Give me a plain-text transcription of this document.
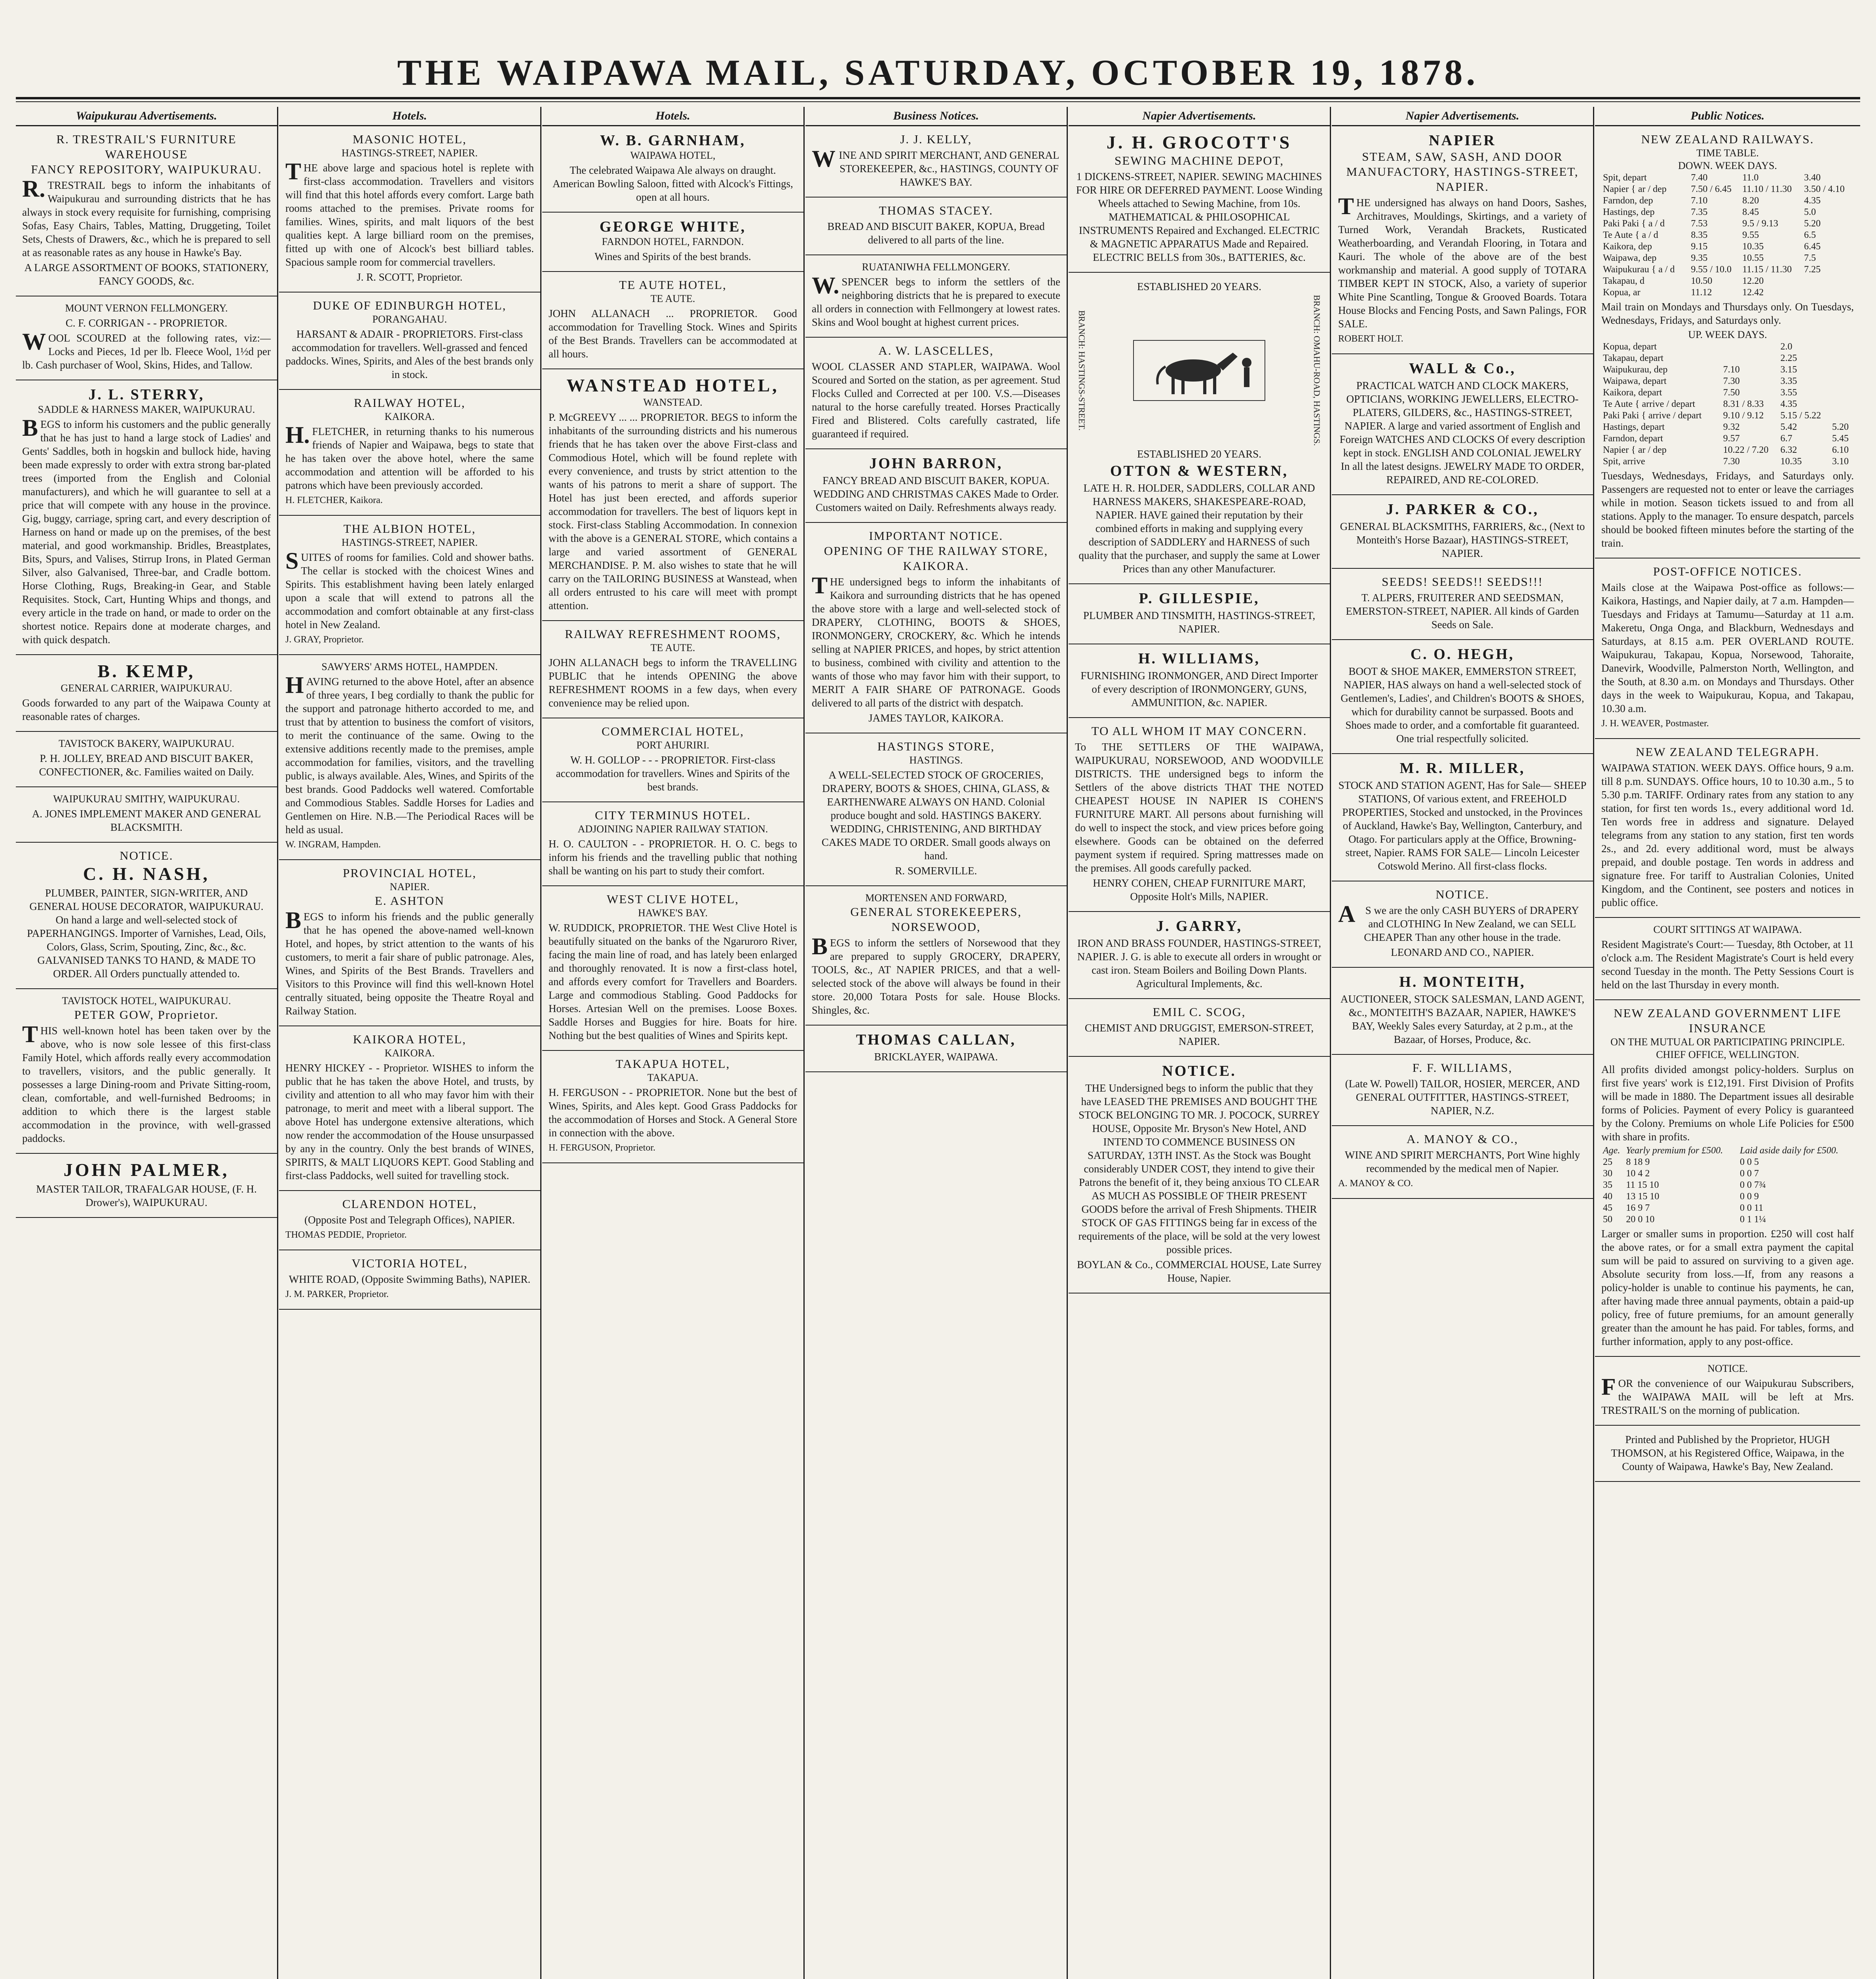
THE WAIPAWA MAIL, SATURDAY, OCTOBER 19, 1878.
Waipukurau Advertisements.
R. TRESTRAIL'S FURNITURE WAREHOUSE
FANCY REPOSITORY, WAIPUKURAU.

R.TRESTRAIL begs to inform the inhabitants of Waipukurau and surrounding districts that he has always in stock every requisite for furnishing, comprising Sofas, Easy Chairs, Tables, Matting, Druggeting, Toilet Sets, Chests of Drawers, &c., which he is prepared to sell at as reasonable rates as any house in Hawke's Bay.

A LARGE ASSORTMENT OF BOOKS, STATIONERY, FANCY GOODS, &c.

MOUNT VERNON FELLMONGERY.

C. F. CORRIGAN - - PROPRIETOR.

WOOL SCOURED at the following rates, viz:— Locks and Pieces, 1d per lb. Fleece Wool, 1½d per lb. Cash purchaser of Wool, Skins, Hides, and Tallow.

J. L. STERRY,
SADDLE & HARNESS MAKER, WAIPUKURAU.

BEGS to inform his customers and the public generally that he has just to hand a large stock of Ladies' and Gents' Saddles, both in hogskin and bullock hide, having been made expressly to order with extra strong bar-plated trees (imported from the English and Colonial manufacturers), and which he will guarantee to sell at a price that will compete with any house in the province. Gig, buggy, carriage, spring cart, and every description of Harness on hand or made up on the premises, of the best material, and good workmanship. Bridles, Breastplates, Bits, Spurs, and Valises, Stirrup Irons, in Plated German Silver, also Galvanised, Three-bar, and Cradle bottom. Horse Clothing, Rugs, Breaking-in Gear, and Stable Requisites. Stock, Cart, Hunting Whips and thongs, and every article in the trade on hand, or made to order on the shortest notice. Repairs done at moderate charges, and with quick despatch.

B. KEMP,
GENERAL CARRIER, WAIPUKURAU.

Goods forwarded to any part of the Waipawa County at reasonable rates of charges.

TAVISTOCK BAKERY, WAIPUKURAU.

P. H. JOLLEY, BREAD AND BISCUIT BAKER, CONFECTIONER, &c. Families waited on Daily.

WAIPUKURAU SMITHY, WAIPUKURAU.

A. JONES IMPLEMENT MAKER AND GENERAL BLACKSMITH.

NOTICE.
C. H. NASH,

PLUMBER, PAINTER, SIGN-WRITER, AND GENERAL HOUSE DECORATOR, WAIPUKURAU. On hand a large and well-selected stock of PAPERHANGINGS. Importer of Varnishes, Lead, Oils, Colors, Glass, Scrim, Spouting, Zinc, &c., &c. GALVANISED TANKS TO HAND, & MADE TO ORDER. All Orders punctually attended to.

TAVISTOCK HOTEL, WAIPUKURAU.
PETER GOW, Proprietor.

THIS well-known hotel has been taken over by the above, who is now sole lessee of this first-class Family Hotel, which affords really every accommodation to travellers, visitors, and the public generally. It possesses a large Dining-room and Private Sitting-room, clean, comfortable, and well-furnished Bedrooms; in addition to which there is the largest stable accommodation in the province, with well-grassed paddocks.

JOHN PALMER,

MASTER TAILOR, TRAFALGAR HOUSE, (F. H. Drower's), WAIPUKURAU.

Hotels.
MASONIC HOTEL,
HASTINGS-STREET, NAPIER.

THE above large and spacious hotel is replete with first-class accommodation. Travellers and visitors will find that this hotel affords every comfort. Large bath rooms attached to the premises. Private rooms for families. Wines, spirits, and malt liquors of the best qualities kept. A large billiard room on the premises, fitted up with one of Alcock's best billiard tables. Spacious sample room for commercial travellers.

J. R. SCOTT, Proprietor.

DUKE OF EDINBURGH HOTEL,
PORANGAHAU.

HARSANT & ADAIR - PROPRIETORS. First-class accommodation for travellers. Well-grassed and fenced paddocks. Wines, Spirits, and Ales of the best brands only in stock.

RAILWAY HOTEL,
KAIKORA.

H.FLETCHER, in returning thanks to his numerous friends of Napier and Waipawa, begs to state that he has taken over the above hotel, where the same accommodation and attention will be afforded to his patrons which have been previously accorded.

H. FLETCHER, Kaikora.

THE ALBION HOTEL,
HASTINGS-STREET, NAPIER.

SUITES of rooms for families. Cold and shower baths. The cellar is stocked with the choicest Wines and Spirits. This establishment having been lately enlarged upon a scale that will extend to patrons all the accommodation and comfort obtainable at any first-class hotel in New Zealand.

J. GRAY, Proprietor.

SAWYERS' ARMS HOTEL, HAMPDEN.

HAVING returned to the above Hotel, after an absence of three years, I beg cordially to thank the public for the support and patronage hitherto accorded to me, and trust that by attention to business the comfort of visitors, to merit the continuance of the same. Owing to the extensive additions recently made to the premises, ample accommodation for families, visitors, and the travelling public, is always available. Ales, Wines, and Spirits of the best brands. Good Paddocks well watered. Comfortable and Commodious Stables. Saddle Horses for Ladies and Gentlemen on Hire. N.B.—The Periodical Races will be held as usual.

W. INGRAM, Hampden.

PROVINCIAL HOTEL,
NAPIER.
E. ASHTON

BEGS to inform his friends and the public generally that he has opened the above-named well-known Hotel, and hopes, by strict attention to the wants of his customers, to merit a fair share of public patronage. Ales, Wines, and Spirits of the Best Brands. Travellers and Visitors to this Province will find this well-known Hotel centrally situated, being opposite the Theatre Royal and Railway Station.

KAIKORA HOTEL,
KAIKORA.

HENRY HICKEY - - Proprietor. WISHES to inform the public that he has taken the above Hotel, and trusts, by civility and attention to all who may favor him with their patronage, to merit and meet with a liberal support. The above Hotel has undergone extensive alterations, which now render the accommodation of the House unsurpassed by any in the country. Only the best brands of WINES, SPIRITS, & MALT LIQUORS KEPT. Good Stabling and first-class Paddocks, well suited for travelling stock.

CLARENDON HOTEL,

(Opposite Post and Telegraph Offices), NAPIER.

THOMAS PEDDIE, Proprietor.

VICTORIA HOTEL,

WHITE ROAD, (Opposite Swimming Baths), NAPIER.

J. M. PARKER, Proprietor.

Hotels.
W. B. GARNHAM,
WAIPAWA HOTEL,

The celebrated Waipawa Ale always on draught. American Bowling Saloon, fitted with Alcock's Fittings, open at all hours.

GEORGE WHITE,
FARNDON HOTEL, FARNDON.

Wines and Spirits of the best brands.

TE AUTE HOTEL,
TE AUTE.

JOHN ALLANACH ... PROPRIETOR. Good accommodation for Travelling Stock. Wines and Spirits of the Best Brands. Travellers can be accommodated at all hours.

WANSTEAD HOTEL,
WANSTEAD.

P. McGREEVY ... ... PROPRIETOR. BEGS to inform the inhabitants of the surrounding districts and his numerous friends that he has taken over the above First-class and Commodious Hotel, which will be found replete with every convenience, and trusts by strict attention to the wants of his patrons to merit a share of support. The Hotel has just been erected, and affords superior accommodation for travellers. The best of liquors kept in stock. First-class Stabling Accommodation. In connexion with the above is a GENERAL STORE, which contains a large and varied assortment of GENERAL MERCHANDISE. P. M. also wishes to state that he will carry on the TAILORING BUSINESS at Wanstead, when all orders entrusted to his care will meet with prompt attention.

RAILWAY REFRESHMENT ROOMS,
TE AUTE.

JOHN ALLANACH begs to inform the TRAVELLING PUBLIC that he intends OPENING the above REFRESHMENT ROOMS in a few days, when every convenience may be relied upon.

COMMERCIAL HOTEL,
PORT AHURIRI.

W. H. GOLLOP - - - PROPRIETOR. First-class accommodation for travellers. Wines and Spirits of the best brands.

CITY TERMINUS HOTEL.
ADJOINING NAPIER RAILWAY STATION.

H. O. CAULTON - - PROPRIETOR. H. O. C. begs to inform his friends and the travelling public that nothing shall be wanting on his part to study their comfort.

WEST CLIVE HOTEL,
HAWKE'S BAY.

W. RUDDICK, PROPRIETOR. THE West Clive Hotel is beautifully situated on the banks of the Ngaruroro River, facing the main line of road, and has lately been enlarged and thoroughly renovated. It is now a first-class hotel, and affords every comfort for Travellers and Boarders. Large and commodious Stabling. Good Paddocks for Horses. Artesian Well on the premises. Loose Boxes. Saddle Horses and Buggies for hire. Boats for hire. Nothing but the best qualities of Wines and Spirits kept.

TAKAPUA HOTEL,
TAKAPUA.

H. FERGUSON - - PROPRIETOR. None but the best of Wines, Spirits, and Ales kept. Good Grass Paddocks for the accommodation of Horses and Stock. A General Store in connection with the above.

H. FERGUSON, Proprietor.

Business Notices.
J. J. KELLY,

WINE AND SPIRIT MERCHANT, AND GENERAL STOREKEEPER, &c., HASTINGS, COUNTY OF HAWKE'S BAY.

THOMAS STACEY.

BREAD AND BISCUIT BAKER, KOPUA, Bread delivered to all parts of the line.

RUATANIWHA FELLMONGERY.

W.SPENCER begs to inform the settlers of the neighboring districts that he is prepared to execute all orders in connection with Fellmongery at lowest rates. Skins and Wool bought at highest current prices.

A. W. LASCELLES,

WOOL CLASSER AND STAPLER, WAIPAWA. Wool Scoured and Sorted on the station, as per agreement. Stud Flocks Culled and Corrected at per 100. V.S.—Diseases natural to the horse carefully treated. Horses Practically Fired and Blistered. Colts carefully castrated, life guaranteed if required.

JOHN BARRON,

FANCY BREAD AND BISCUIT BAKER, KOPUA. WEDDING AND CHRISTMAS CAKES Made to Order. Customers waited on Daily. Refreshments always ready.

IMPORTANT NOTICE.
OPENING OF THE RAILWAY STORE, KAIKORA.

THE undersigned begs to inform the inhabitants of Kaikora and surrounding districts that he has opened the above store with a large and well-selected stock of DRAPERY, CLOTHING, BOOTS & SHOES, IRONMONGERY, CROCKERY, &c. Which he intends selling at NAPIER PRICES, and hopes, by strict attention to business, combined with civility and attention to the wants of those who may favor him with their support, to MERIT A FAIR SHARE OF PATRONAGE. Goods delivered to all parts of the district with despatch.

JAMES TAYLOR, KAIKORA.

HASTINGS STORE,
HASTINGS.

A WELL-SELECTED STOCK OF GROCERIES, DRAPERY, BOOTS & SHOES, CHINA, GLASS, & EARTHENWARE ALWAYS ON HAND. Colonial produce bought and sold. HASTINGS BAKERY. WEDDING, CHRISTENING, AND BIRTHDAY CAKES MADE TO ORDER. Small goods always on hand.

R. SOMERVILLE.

MORTENSEN AND FORWARD,
GENERAL STOREKEEPERS, NORSEWOOD,

BEGS to inform the settlers of Norsewood that they are prepared to supply GROCERY, DRAPERY, TOOLS, &c., AT NAPIER PRICES, and that a well-selected stock of the above will always be found in their store. 20,000 Totara Posts for sale. House Blocks. Shingles, &c.

THOMAS CALLAN,

BRICKLAYER, WAIPAWA.

Napier Advertisements.
J. H. GROCOTT'S
SEWING MACHINE DEPOT,

1 DICKENS-STREET, NAPIER. SEWING MACHINES FOR HIRE OR DEFERRED PAYMENT. Loose Winding Wheels attached to Sewing Machine, from 10s. MATHEMATICAL & PHILOSOPHICAL INSTRUMENTS Repaired and Exchanged. ELECTRIC & MAGNETIC APPARATUS Made and Repaired. ELECTRIC BELLS from 30s., BATTERIES, &c.

ESTABLISHED 20 YEARS.

BRANCH: HASTINGS-STREET.	BRANCH: OMAHU-ROAD, HASTINGS.

ESTABLISHED 20 YEARS.

OTTON & WESTERN,

LATE H. R. HOLDER, SADDLERS, COLLAR AND HARNESS MAKERS, SHAKESPEARE-ROAD, NAPIER. HAVE gained their reputation by their combined efforts in making and supplying every description of SADDLERY and HARNESS of such quality that the purchaser, and supply the same at Lower Prices than any other Manufacturer.

P. GILLESPIE,

PLUMBER AND TINSMITH, HASTINGS-STREET, NAPIER.

H. WILLIAMS,

FURNISHING IRONMONGER, AND Direct Importer of every description of IRONMONGERY, GUNS, AMMUNITION, &c. NAPIER.

TO ALL WHOM IT MAY CONCERN.

To THE SETTLERS OF THE WAIPAWA, WAIPUKURAU, NORSEWOOD, AND WOODVILLE DISTRICTS. THE undersigned begs to inform the Settlers of the above districts THAT THE NOTED CHEAPEST HOUSE IN NAPIER IS COHEN'S FURNITURE MART. All persons about furnishing will do well to inspect the stock, and view prices before going elsewhere. Goods can be obtained on the deferred payment system if required. Spring mattresses made on the premises. All goods carefully packed.

HENRY COHEN, CHEAP FURNITURE MART, Opposite Holt's Mills, NAPIER.

J. GARRY,

IRON AND BRASS FOUNDER, HASTINGS-STREET, NAPIER. J. G. is able to execute all orders in wrought or cast iron. Steam Boilers and Boiling Down Plants. Agricultural Implements, &c.

EMIL C. SCOG,

CHEMIST AND DRUGGIST, EMERSON-STREET, NAPIER.

NOTICE.

THE Undersigned begs to inform the public that they have LEASED THE PREMISES AND BOUGHT THE STOCK BELONGING TO MR. J. POCOCK, SURREY HOUSE, Opposite Mr. Bryson's New Hotel, AND INTEND TO COMMENCE BUSINESS ON SATURDAY, 13TH INST. As the Stock was Bought considerably UNDER COST, they intend to give their Patrons the benefit of it, they being anxious TO CLEAR AS MUCH AS POSSIBLE OF THEIR PRESENT GOODS before the arrival of Fresh Shipments. THEIR STOCK OF GAS FITTINGS being far in excess of the requirements of the place, will be sold at the very lowest possible prices.

BOYLAN & Co., COMMERCIAL HOUSE, Late Surrey House, Napier.

Napier Advertisements.
NAPIER
STEAM, SAW, SASH, AND DOOR MANUFACTORY, HASTINGS-STREET, NAPIER.

THE undersigned has always on hand Doors, Sashes, Architraves, Mouldings, Skirtings, and a variety of Turned Work, Verandah Brackets, Rusticated Weatherboarding, and Verandah Flooring, in Totara and Kauri. The whole of the above are of the best workmanship and material. A good supply of TOTARA TIMBER KEPT IN STOCK, Also, a variety of superior White Pine Scantling, Tongue & Grooved Boards. Totara House Blocks and Fencing Posts, and Sawn Palings, FOR SALE.

ROBERT HOLT.

WALL & Co.,

PRACTICAL WATCH AND CLOCK MAKERS, OPTICIANS, WORKING JEWELLERS, ELECTRO-PLATERS, GILDERS, &c., HASTINGS-STREET, NAPIER. A large and varied assortment of English and Foreign WATCHES AND CLOCKS Of every description kept in stock. ENGLISH AND COLONIAL JEWELRY In all the latest designs. JEWELRY MADE TO ORDER, REPAIRED, AND RE-COLORED.

J. PARKER & CO.,

GENERAL BLACKSMITHS, FARRIERS, &c., (Next to Monteith's Horse Bazaar), HASTINGS-STREET, NAPIER.

SEEDS! SEEDS!! SEEDS!!!

T. ALPERS, FRUITERER AND SEEDSMAN, EMERSTON-STREET, NAPIER. All kinds of Garden Seeds on Sale.

C. O. HEGH,

BOOT & SHOE MAKER, EMMERSTON STREET, NAPIER, HAS always on hand a well-selected stock of Gentlemen's, Ladies', and Children's BOOTS & SHOES, which for durability cannot be surpassed. Boots and Shoes made to order, and a comfortable fit guaranteed. One trial respectfully solicited.

M. R. MILLER,

STOCK AND STATION AGENT, Has for Sale— SHEEP STATIONS, Of various extent, and FREEHOLD PROPERTIES, Stocked and unstocked, in the Provinces of Auckland, Hawke's Bay, Wellington, Canterbury, and Otago. For particulars apply at the Office, Browning-street, Napier. RAMS FOR SALE— Lincoln Leicester Cotswold Merino. All first-class flocks.

NOTICE.

AS we are the only CASH BUYERS of DRAPERY and CLOTHING In New Zealand, we can SELL CHEAPER Than any other house in the trade.

LEONARD AND CO., NAPIER.

H. MONTEITH,

AUCTIONEER, STOCK SALESMAN, LAND AGENT, &c., MONTEITH'S BAZAAR, NAPIER, HAWKE'S BAY, Weekly Sales every Saturday, at 2 p.m., at the Bazaar, of Horses, Produce, &c.

F. F. WILLIAMS,

(Late W. Powell) TAILOR, HOSIER, MERCER, AND GENERAL OUTFITTER, HASTINGS-STREET, NAPIER, N.Z.

A. MANOY & CO.,

WINE AND SPIRIT MERCHANTS, Port Wine highly recommended by the medical men of Napier.

A. MANOY & CO.

Public Notices.
NEW ZEALAND RAILWAYS.
TIME TABLE.
DOWN. WEEK DAYS.
Spit, depart	7.40	11.0	3.40
Napier { ar / dep	7.50 / 6.45	11.10 / 11.30	3.50 / 4.10
Farndon, dep	7.10	8.20	4.35
Hastings, dep	7.35	8.45	5.0
Paki Paki { a / d	7.53	9.5 / 9.13	5.20
Te Aute { a / d	8.35	9.55	6.5
Kaikora, dep	9.15	10.35	6.45
Waipawa, dep	9.35	10.55	7.5
Waipukurau { a / d	9.55 / 10.0	11.15 / 11.30	7.25
Takapau, d	10.50	12.20	
Kopua, ar	11.12	12.42	

Mail train on Mondays and Thursdays only. On Tuesdays, Wednesdays, Fridays, and Saturdays only.

UP. WEEK DAYS.
Kopua, depart		2.0	
Takapau, depart		2.25	
Waipukurau, dep	7.10	3.15	
Waipawa, depart	7.30	3.35	
Kaikora, depart	7.50	3.55	
Te Aute { arrive / depart	8.31 / 8.33	4.35	
Paki Paki { arrive / depart	9.10 / 9.12	5.15 / 5.22	
Hastings, depart	9.32	5.42	5.20
Farndon, depart	9.57	6.7	5.45
Napier { ar / dep	10.22 / 7.20	6.32	6.10
Spit, arrive	7.30	10.35	3.10

Tuesdays, Wednesdays, Fridays, and Saturdays only. Passengers are requested not to enter or leave the carriages while in motion. Season tickets issued to and from all stations. Apply to the manager. To ensure despatch, parcels should be booked fifteen minutes before the starting of the train.

POST-OFFICE NOTICES.

Mails close at the Waipawa Post-office as follows:— Kaikora, Hastings, and Napier daily, at 7 a.m. Hampden—Tuesdays and Fridays at Tamumu—Saturday at 11 a.m. Makeretu, Onga Onga, and Blackburn, Wednesdays and Saturdays, at 8.15 a.m. PER OVERLAND ROUTE. Waipukurau, Takapau, Kopua, Norsewood, Tahoraite, Danevirk, Woodville, Palmerston North, Wellington, and the South, at 8.30 a.m. on Mondays and Thursdays. Other days in the week to Waipukurau, Kopua, and Takapau, 10.30 a.m.

J. H. WEAVER, Postmaster.

NEW ZEALAND TELEGRAPH.

WAIPAWA STATION. WEEK DAYS. Office hours, 9 a.m. till 8 p.m. SUNDAYS. Office hours, 10 to 10.30 a.m., 5 to 5.30 p.m. TARIFF. Ordinary rates from any station to any station, for first ten words 1s., every additional word 1d. Ten words free in address and signature. Delayed telegrams from any station to any station, first ten words 2s., and 2d. every additional word, must be always prepaid, and double postage. Ten words in address and signature free. For tariff to Australian Colonies, United Kingdom, and the Continent, see posters and notices in public office.

COURT SITTINGS AT WAIPAWA.

Resident Magistrate's Court:— Tuesday, 8th October, at 11 o'clock a.m. The Resident Magistrate's Court is held every second Tuesday in the month. The Petty Sessions Court is held on the last Thursday in every month.

NEW ZEALAND GOVERNMENT LIFE INSURANCE
ON THE MUTUAL OR PARTICIPATING PRINCIPLE.
CHIEF OFFICE, WELLINGTON.

All profits divided amongst policy-holders. Surplus on first five years' work is £12,191. First Division of Profits will be made in 1880. The Department issues all desirable forms of Policies. Payment of every Policy is guaranteed by the Colony. Premiums on whole Life Policies for £500 with share in profits.

Age.	Yearly premium for £500.	Laid aside daily for £500.
25	8 18 9	0 0 5
30	10 4 2	0 0 7
35	11 15 10	0 0 7¾
40	13 15 10	0 0 9
45	16 9 7	0 0 11
50	20 0 10	0 1 1¼

Larger or smaller sums in proportion. £250 will cost half the above rates, or for a small extra payment the capital sum will be paid to assured on surviving to a given age. Absolute security from loss.—If, from any reasons a policy-holder is unable to continue his payments, he can, after having made three annual payments, obtain a paid-up policy, free of future premiums, for an amount generally greater than the amount he has paid. For tables, forms, and further information, apply to any post-office.

NOTICE.

FOR the convenience of our Waipukurau Subscribers, the WAIPAWA MAIL will be left at Mrs. TRESTRAIL'S on the morning of publication.

Printed and Published by the Proprietor, HUGH THOMSON, at his Registered Office, Waipawa, in the County of Waipawa, Hawke's Bay, New Zealand.
